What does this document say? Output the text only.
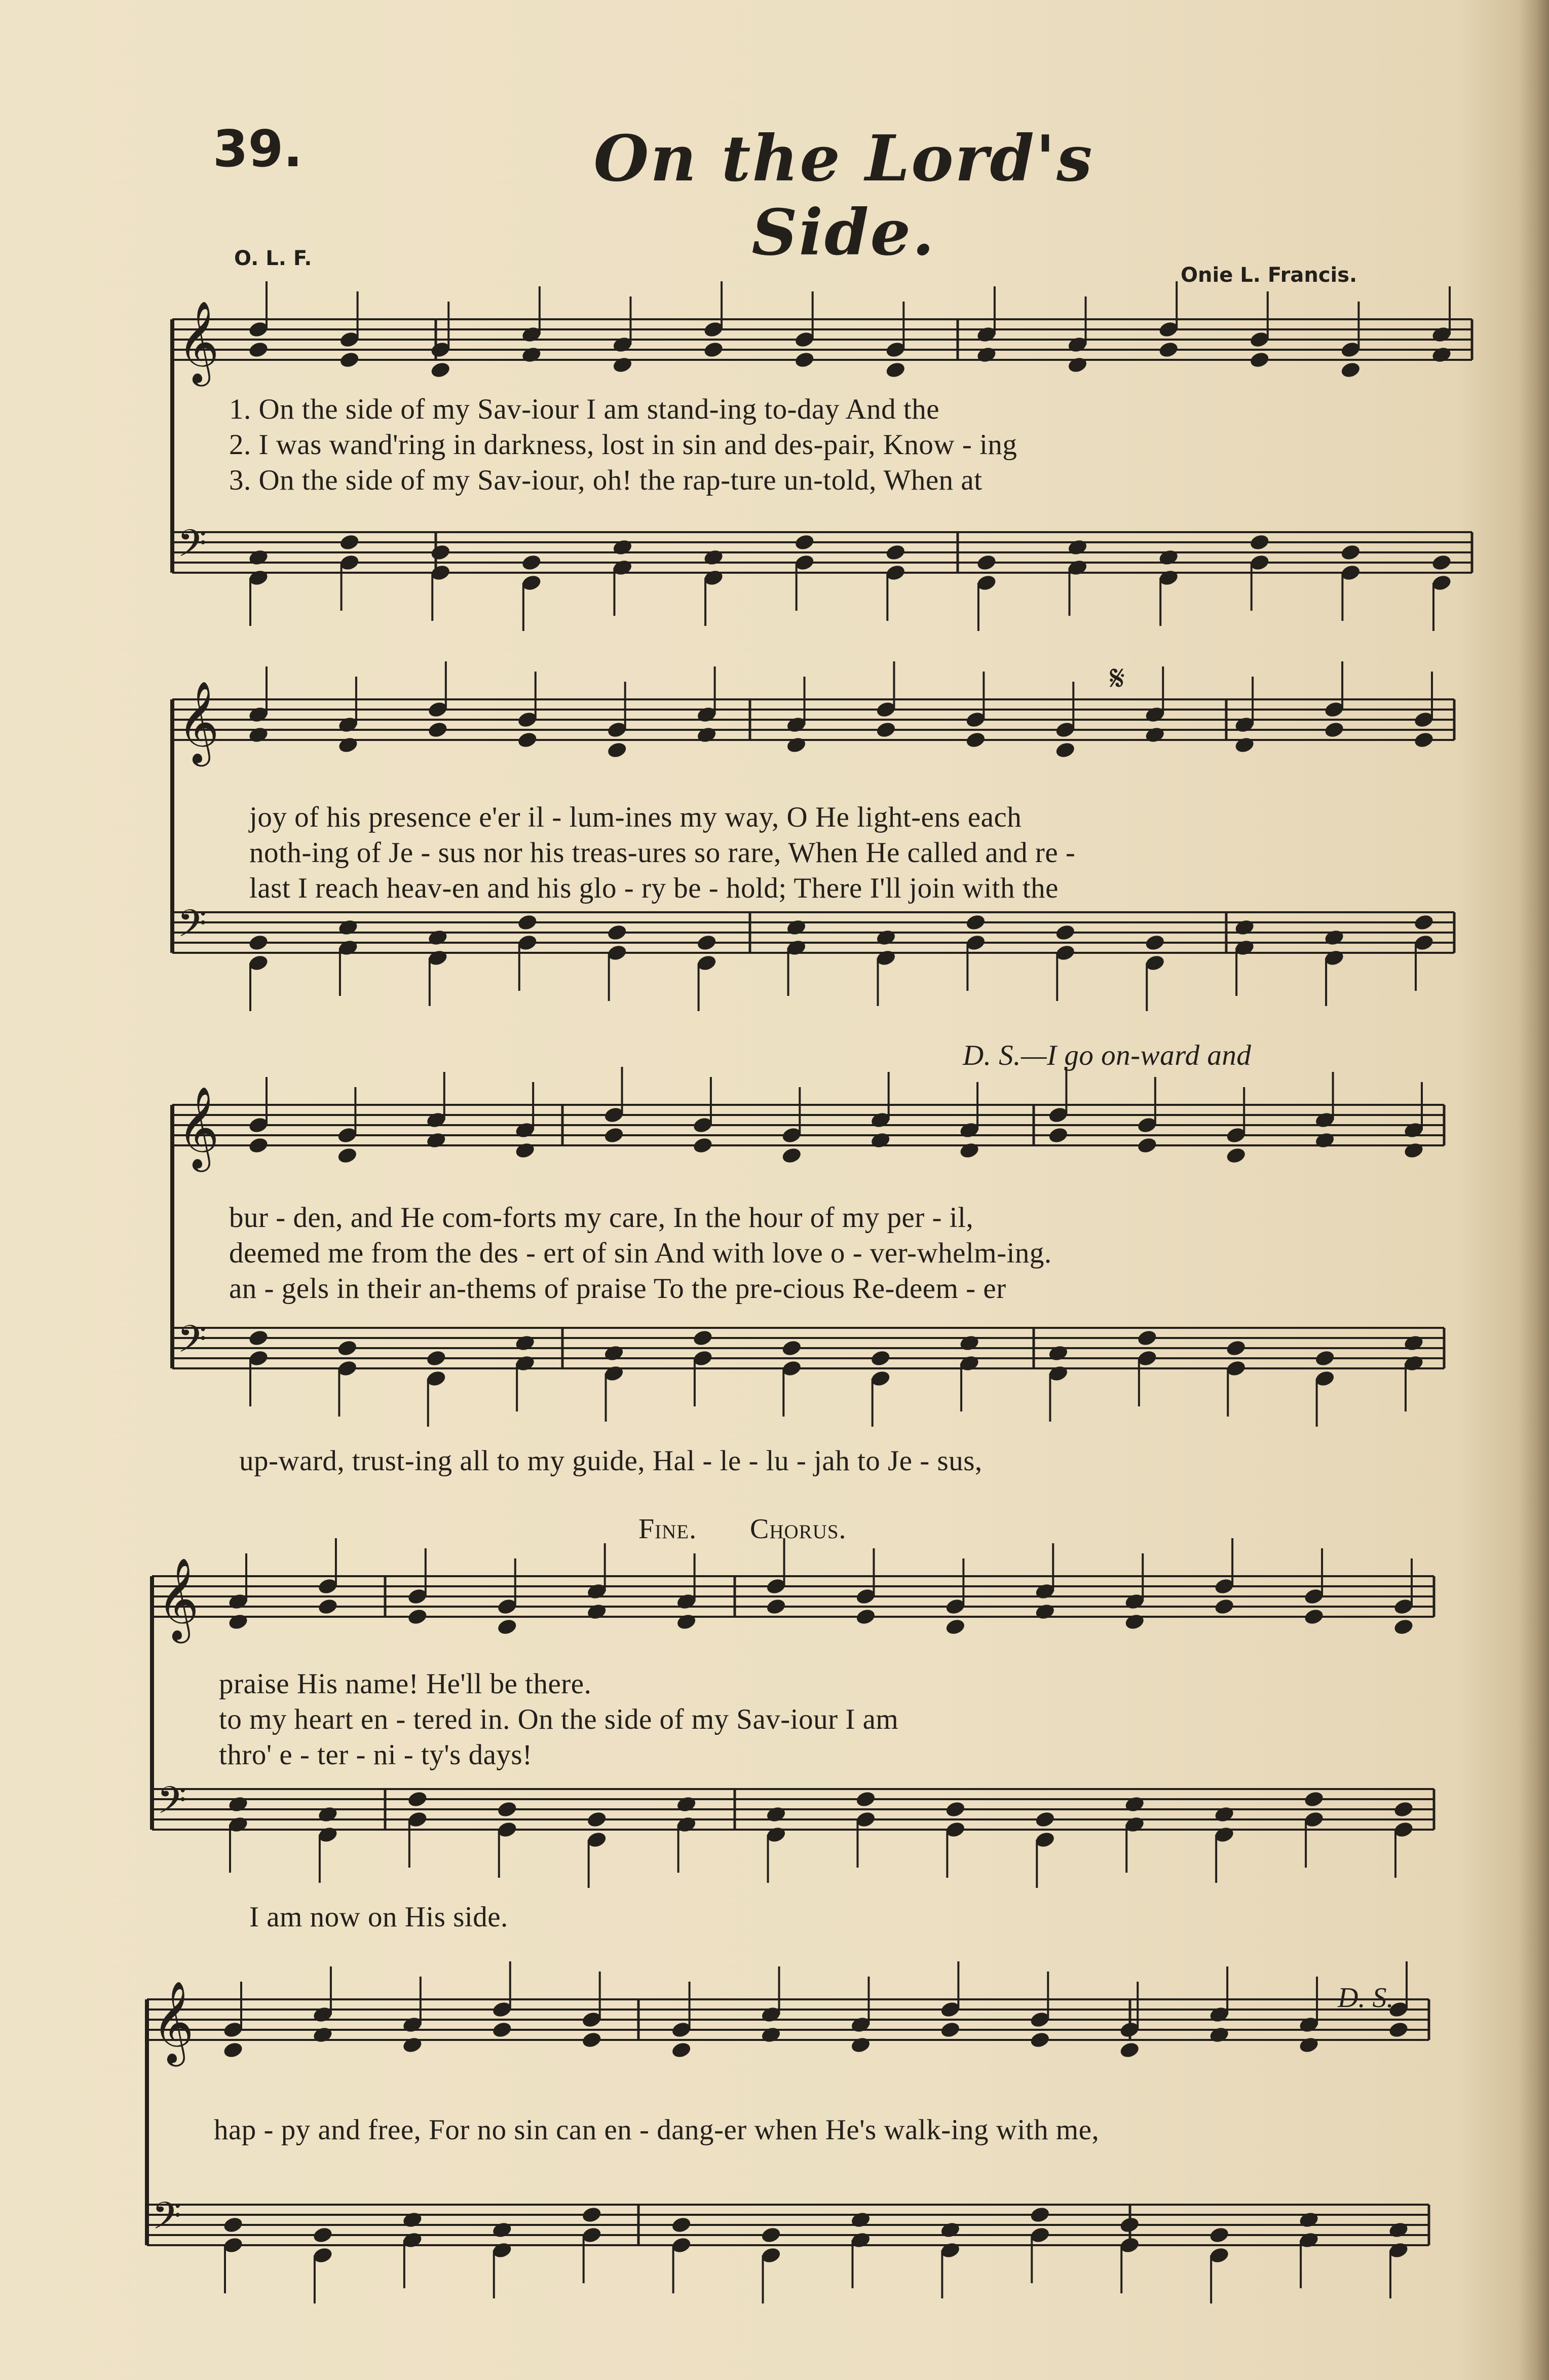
39.	On the Lord's Side.
O. L. F.
Onie L. Francis.
𝄞
𝄢
𝄞
𝄢
𝄞
𝄢
𝄞
𝄢
𝄞
𝄢
1. On the side of my Sav-iour I am stand-ing to-day And the
2. I was wand'ring in darkness, lost in sin and des-pair, Know - ing
3. On the side of my Sav-iour, oh! the rap-ture un-told, When at
𝄋
joy of his presence e'er il - lum-ines my way, O He light-ens each
noth-ing of Je - sus nor his treas-ures so rare, When He called and re -
last I reach heav-en and his glo - ry be - hold; There I'll join with the
D. S.—I go on-ward and
bur - den, and He com-forts my care, In the hour of my per - il,
deemed me from the des - ert of sin And with love o - ver-whelm-ing.
an - gels in their an-thems of praise To the pre-cious Re-deem - er
up-ward, trust-ing all to my guide, Hal - le - lu - jah to Je - sus,
Fine. Chorus.
praise His name! He'll be there.
to my heart en - tered in. On the side of my Sav-iour I am
thro' e - ter - ni - ty's days!
I am now on His side.
D. S.
hap - py and free, For no sin can en - dang-er when He's walk-ing with me,
